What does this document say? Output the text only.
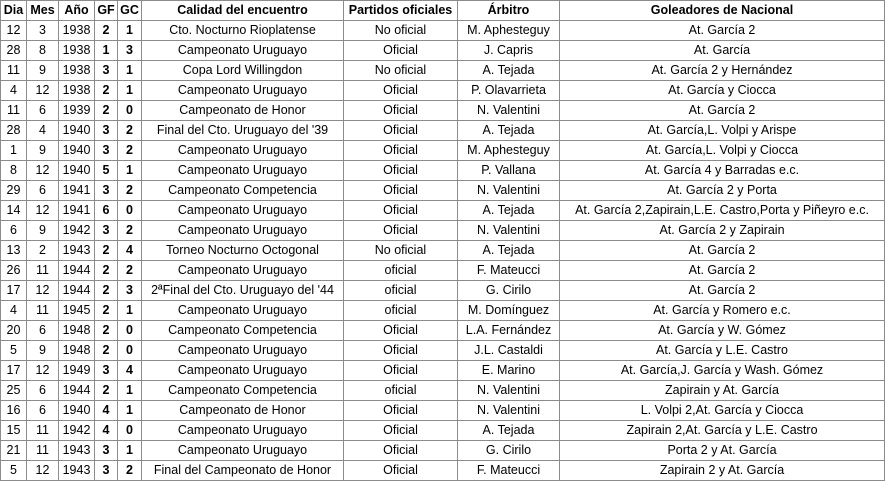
Dia	Mes	Año	GF	GC	Calidad del encuentro	Partidos oficiales	Árbitro	Goleadores de Nacional
12	3	1938	2	1	Cto. Nocturno Rioplatense	No oficial	M. Aphesteguy	At. García 2
28	8	1938	1	3	Campeonato Uruguayo	Oficial	J. Capris	At. García
11	9	1938	3	1	Copa Lord Willingdon	No oficial	A. Tejada	At. García 2 y Hernández
4	12	1938	2	1	Campeonato Uruguayo	Oficial	P. Olavarrieta	At. García y Ciocca
11	6	1939	2	0	Campeonato de Honor	Oficial	N. Valentini	At. García 2
28	4	1940	3	2	Final del Cto. Uruguayo del '39	Oficial	A. Tejada	At. García,L. Volpi y Arispe
1	9	1940	3	2	Campeonato Uruguayo	Oficial	M. Aphesteguy	At. García,L. Volpi y Ciocca
8	12	1940	5	1	Campeonato Uruguayo	Oficial	P. Vallana	At. García 4 y Barradas e.c.
29	6	1941	3	2	Campeonato Competencia	Oficial	N. Valentini	At. García 2 y Porta
14	12	1941	6	0	Campeonato Uruguayo	Oficial	A. Tejada	At. García 2,Zapirain,L.E. Castro,Porta y Piñeyro e.c.
6	9	1942	3	2	Campeonato Uruguayo	Oficial	N. Valentini	At. García 2 y Zapirain
13	2	1943	2	4	Torneo Nocturno Octogonal	No oficial	A. Tejada	At. García 2
26	11	1944	2	2	Campeonato Uruguayo	oficial	F. Mateucci	At. García 2
17	12	1944	2	3	2ªFinal del Cto. Uruguayo del '44	oficial	G. Cirilo	At. García 2
4	11	1945	2	1	Campeonato Uruguayo	oficial	M. Domínguez	At. García y Romero e.c.
20	6	1948	2	0	Campeonato Competencia	Oficial	L.A. Fernández	At. García y W. Gómez
5	9	1948	2	0	Campeonato Uruguayo	Oficial	J.L. Castaldi	At. García y L.E. Castro
17	12	1949	3	4	Campeonato Uruguayo	Oficial	E. Marino	At. García,J. García y Wash. Gómez
25	6	1944	2	1	Campeonato Competencia	oficial	N. Valentini	Zapirain y At. García
16	6	1940	4	1	Campeonato de Honor	Oficial	N. Valentini	L. Volpi 2,At. García y Ciocca
15	11	1942	4	0	Campeonato Uruguayo	Oficial	A. Tejada	Zapirain 2,At. García y L.E. Castro
21	11	1943	3	1	Campeonato Uruguayo	Oficial	G. Cirilo	Porta 2 y At. García
5	12	1943	3	2	Final del Campeonato de Honor	Oficial	F. Mateucci	Zapirain 2 y At. García
